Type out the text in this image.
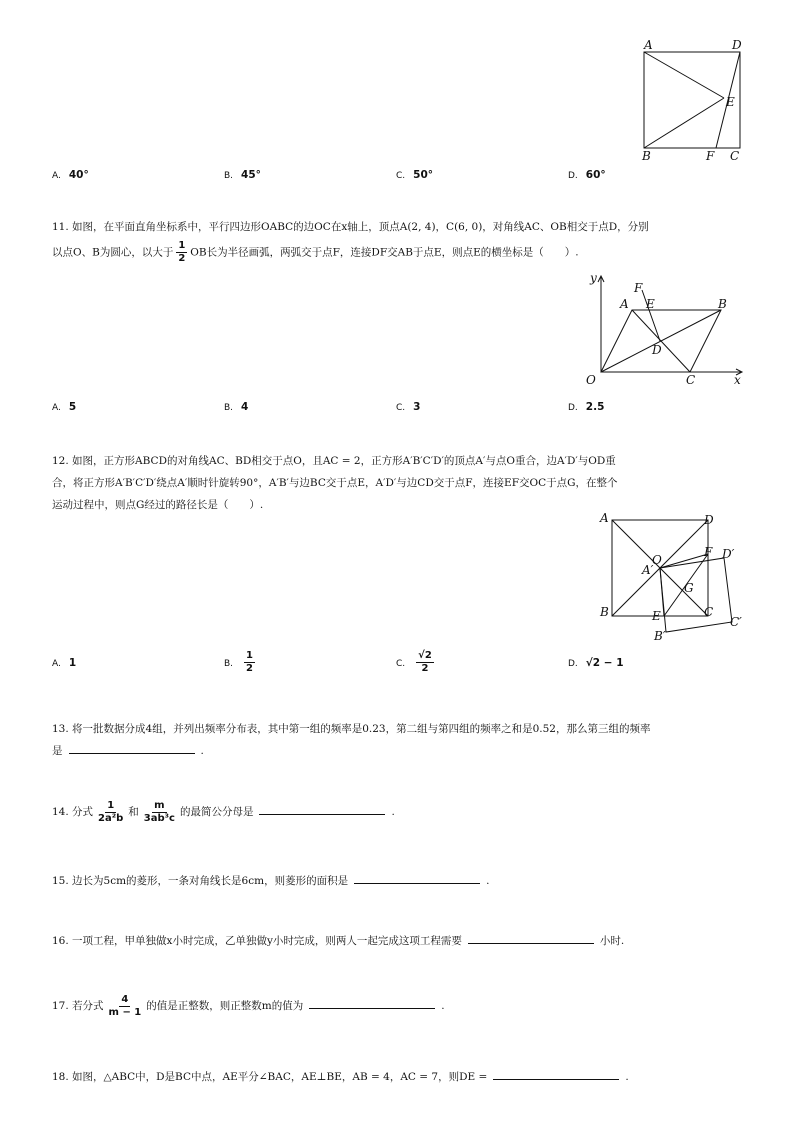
A	D
E
B	F C
A. 40°	B. 45°	C. 50°	D. 60°
11. 如图，在平面直角坐标系中，平行四边形OABC的边OC在x轴上，顶点A(2, 4)，C(6, 0)，对角线AC、OB相交于点D，分别
以点O、B为圆心，以大于 $\frac{1}{2}$ OB长为半径画弧，两弧交于点F，连接DF交AB于点E，则点E的横坐标是（　　）.
y
x
O
F
A E	B
D
C
A. 5	B. 4	C. 3	D. 2.5
12. 如图，正方形ABCD的对角线AC、BD相交于点O，且AC = 2，正方形A′B′C′D′的顶点A′与点O重合，边A′D′与OD重
合，将正方形A′B′C′D′绕点A′顺时针旋转90°，A′B′与边BC交于点E，A′D′与边CD交于点F，连接EF交OC于点G，在整个
运动过程中，则点G经过的路径长是（　　）.
A	D
O
A′
F D′
G
B	E	C
C′
B′
A. 1	B. $\frac{1}{2}$	C. $\frac{√2}{2}$	D. √2 − 1
13. 将一批数据分成4组，并列出频率分布表，其中第一组的频率是0.23，第二组与第四组的频率之和是0.52，那么第三组的频率
是	.
14. 分式 $\frac{1}{\text{2a²b}}$ 和 $\frac{m}{\text{3ab³c}}$ 的最简公分母是	.
15. 边长为5cm的菱形，一条对角线长是6cm，则菱形的面积是	.
16. 一项工程，甲单独做x小时完成，乙单独做y小时完成，则两人一起完成这项工程需要	小时.
17. 若分式 $\frac{4}{m - 1}$ 的值是正整数，则正整数m的值为	.
18. 如图，△ABC中，D是BC中点，AE平分∠BAC，AE⊥BE，AB = 4，AC = 7，则DE =	.
